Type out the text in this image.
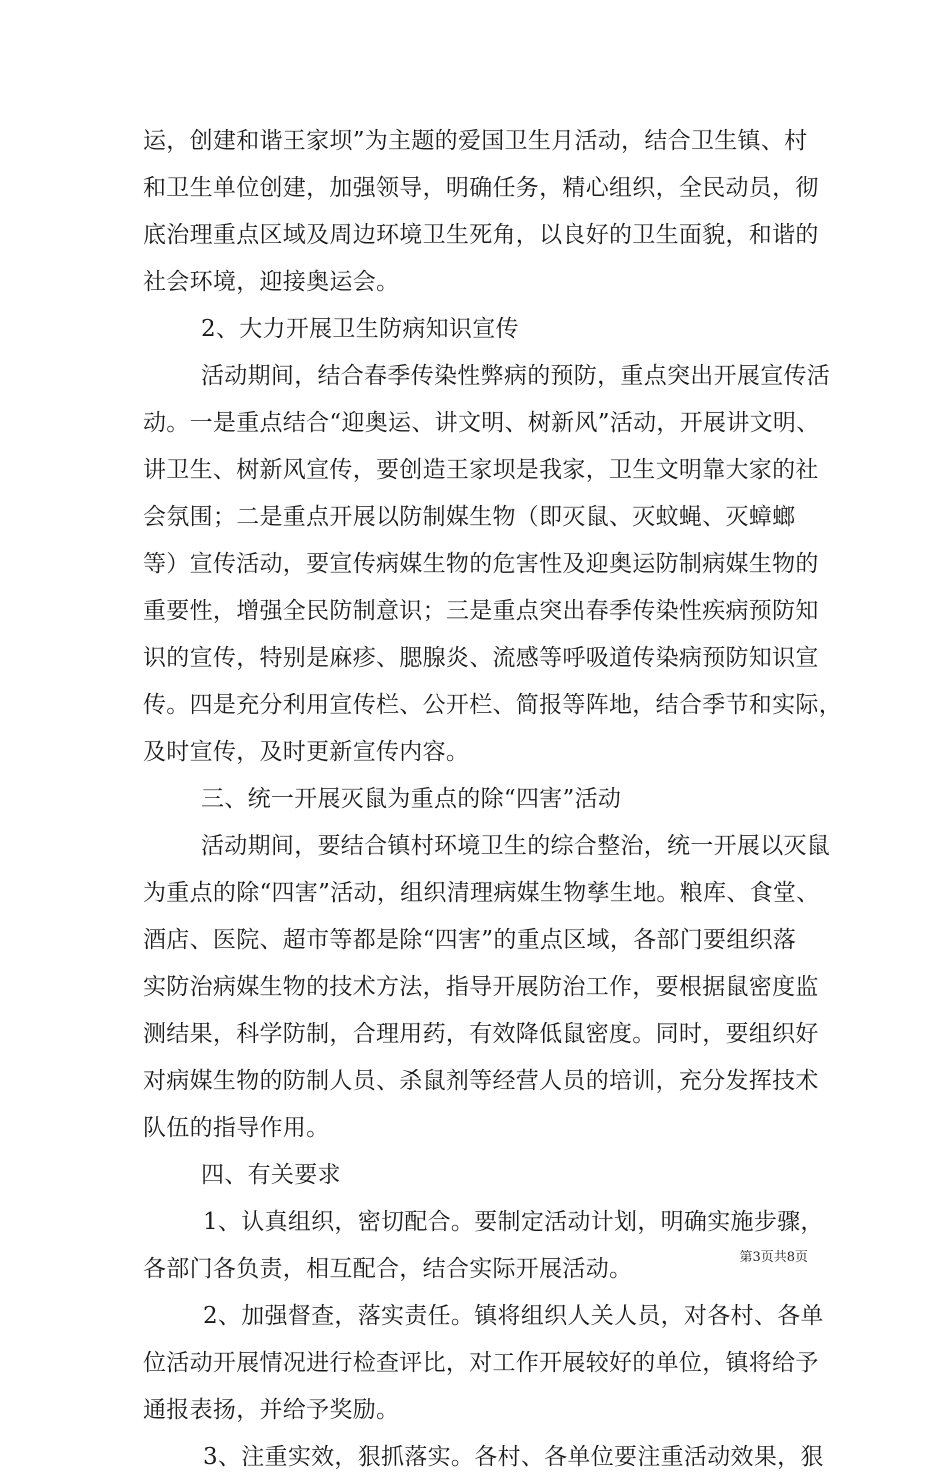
运，创建和谐王家坝”为主题的爱国卫生月活动，结合卫生镇、村
和卫生单位创建，加强领导，明确任务，精心组织，全民动员，彻
底治理重点区域及周边环境卫生死角，以良好的卫生面貌，和谐的
社会环境，迎接奥运会。
2、大力开展卫生防病知识宣传
活动期间，结合春季传染性弊病的预防，重点突出开展宣传活
动。一是重点结合“迎奥运、讲文明、树新风”活动，开展讲文明、
讲卫生、树新风宣传，要创造王家坝是我家，卫生文明靠大家的社
会氛围；二是重点开展以防制媒生物（即灭鼠、灭蚊蝇、灭蟑螂
等）宣传活动，要宣传病媒生物的危害性及迎奥运防制病媒生物的
重要性，增强全民防制意识；三是重点突出春季传染性疾病预防知
识的宣传，特别是麻疹、腮腺炎、流感等呼吸道传染病预防知识宣
传。四是充分利用宣传栏、公开栏、简报等阵地，结合季节和实际，
及时宣传，及时更新宣传内容。
三、统一开展灭鼠为重点的除“四害”活动
活动期间，要结合镇村环境卫生的综合整治，统一开展以灭鼠
为重点的除“四害”活动，组织清理病媒生物孳生地。粮库、食堂、
酒店、医院、超市等都是除“四害”的重点区域，各部门要组织落
实防治病媒生物的技术方法，指导开展防治工作，要根据鼠密度监
测结果，科学防制，合理用药，有效降低鼠密度。同时，要组织好
对病媒生物的防制人员、杀鼠剂等经营人员的培训，充分发挥技术
队伍的指导作用。
四、有关要求
1、认真组织，密切配合。要制定活动计划，明确实施步骤，
各部门各负责，相互配合，结合实际开展活动。
2、加强督查，落实责任。镇将组织人关人员，对各村、各单
位活动开展情况进行检查评比，对工作开展较好的单位，镇将给予
通报表扬，并给予奖励。
3、注重实效，狠抓落实。各村、各单位要注重活动效果，狠
第3页共8页
